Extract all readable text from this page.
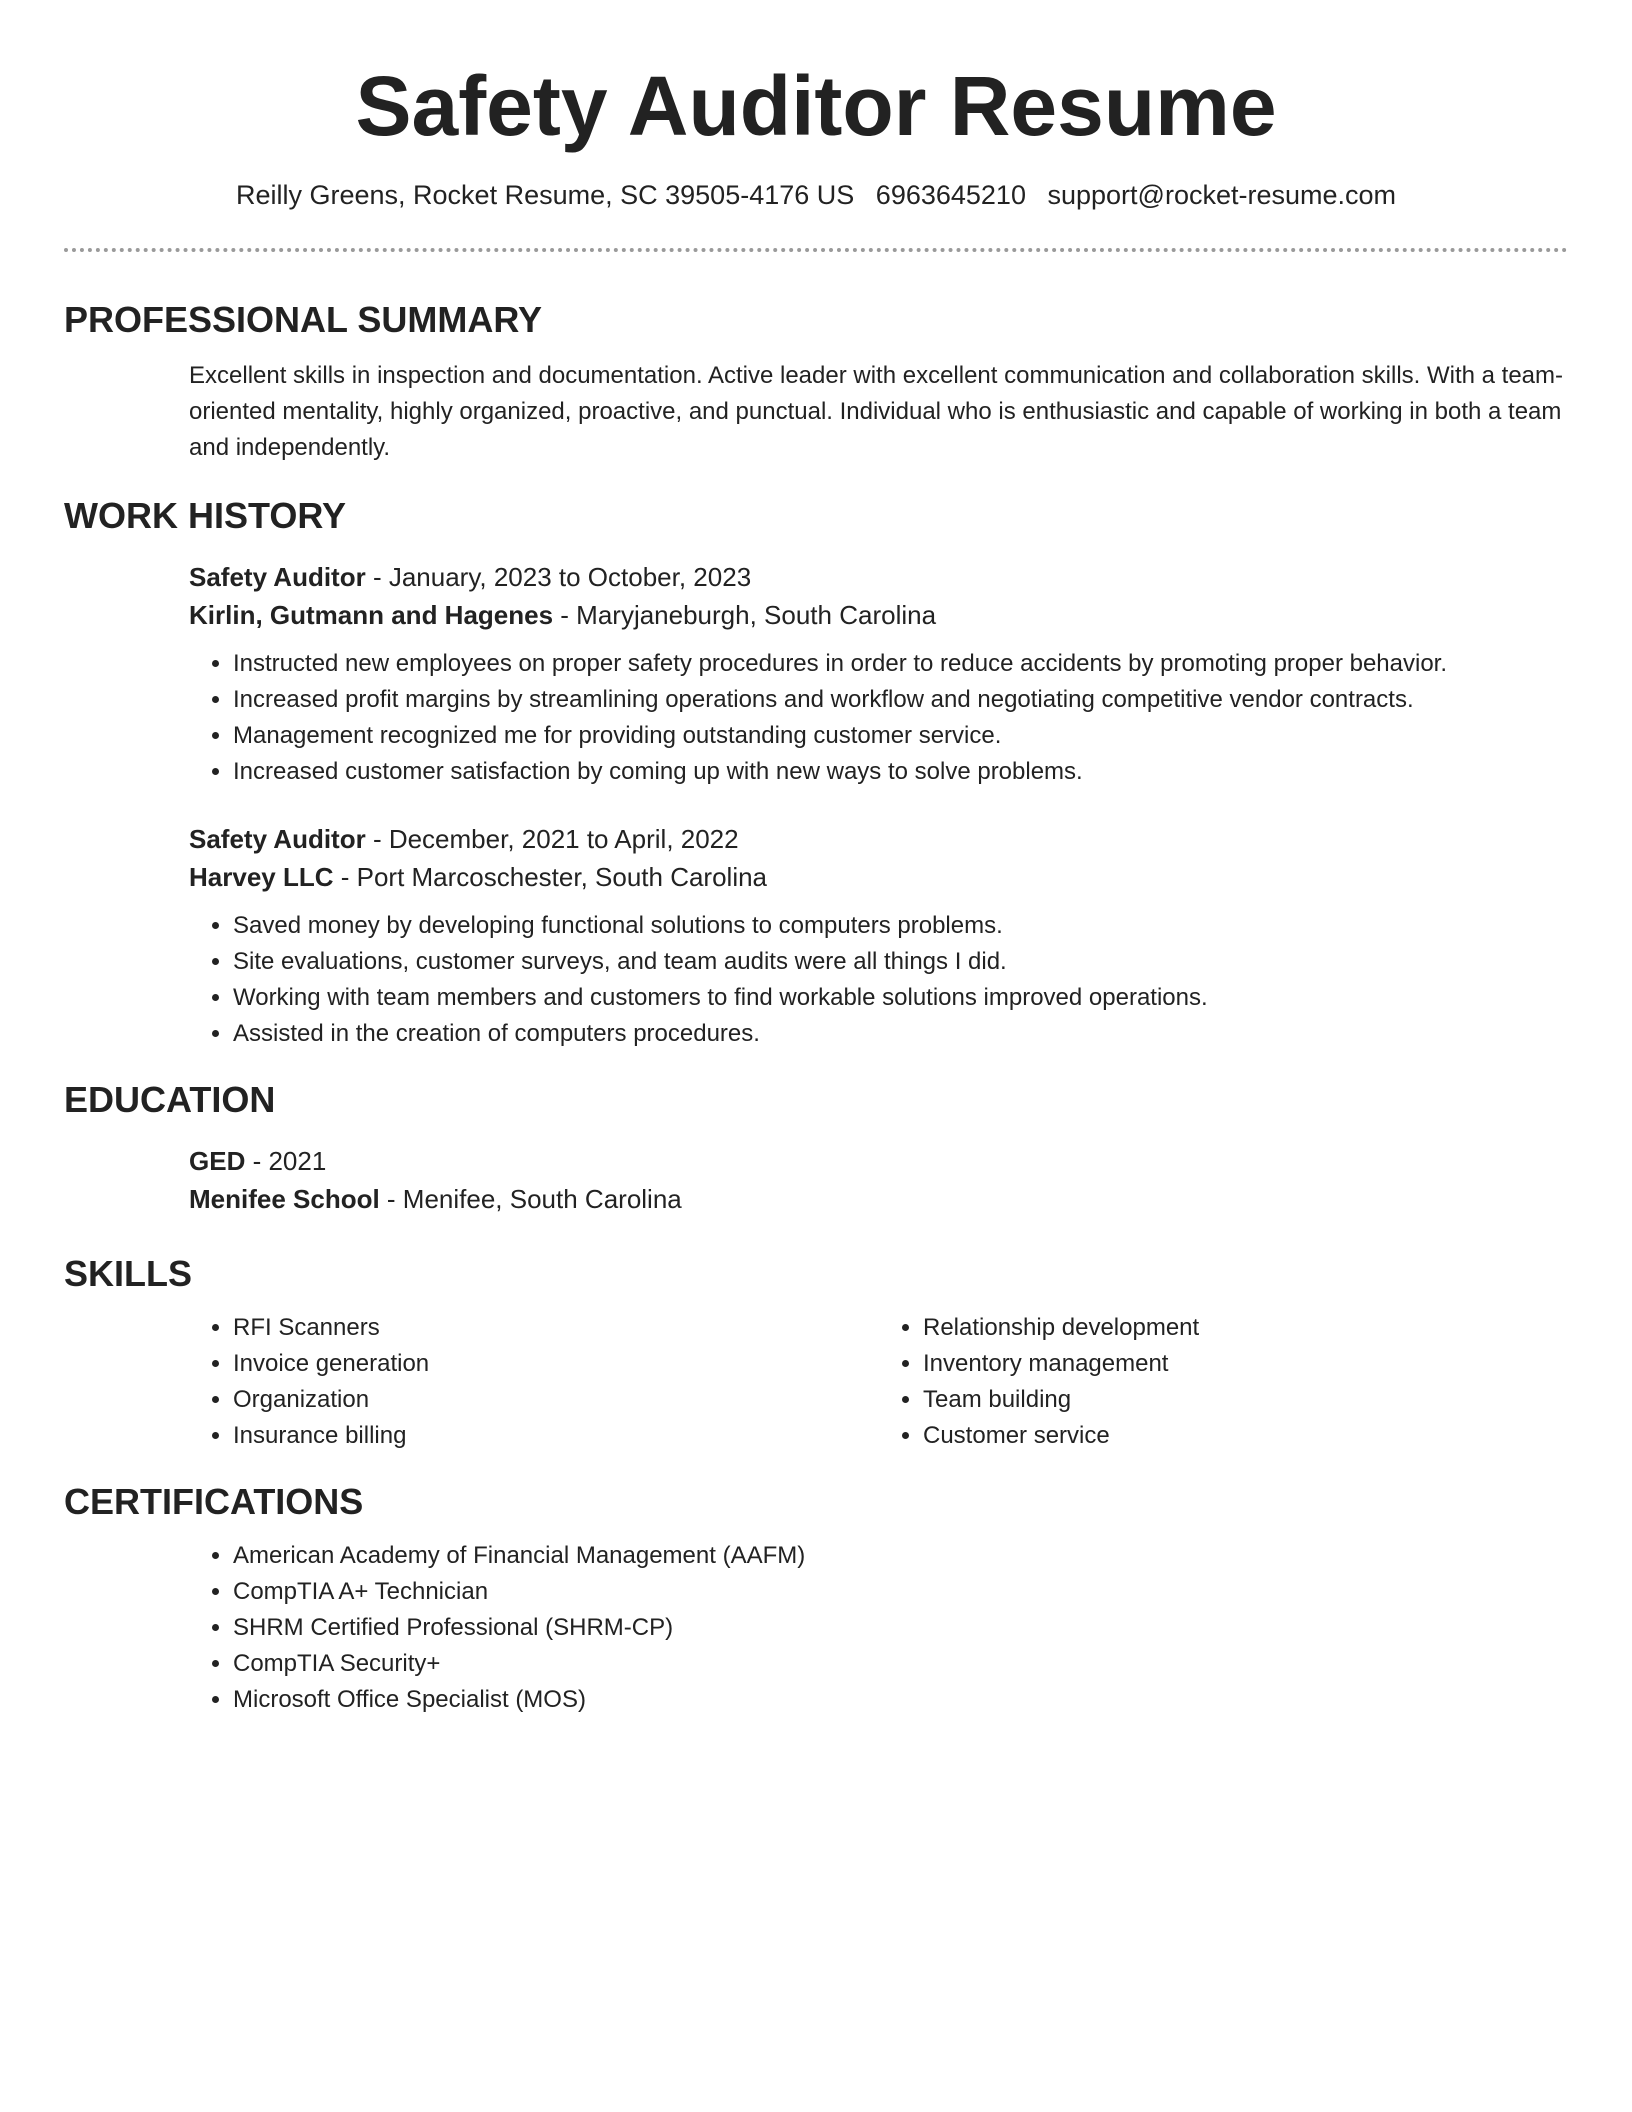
Safety Auditor Resume
Reilly Greens, Rocket Resume, SC 39505-4176 US 6963645210 support@rocket-resume.com
PROFESSIONAL SUMMARY

Excellent skills in inspection and documentation. Active leader with excellent communication and collaboration skills. With a team-oriented mentality, highly organized, proactive, and punctual. Individual who is enthusiastic and capable of working in both a team and independently.

WORK HISTORY

Safety Auditor - January, 2023 to October, 2023

Kirlin, Gutmann and Hagenes - Maryjaneburgh, South Carolina

• Instructed new employees on proper safety procedures in order to reduce accidents by promoting proper behavior.
• Increased profit margins by streamlining operations and workflow and negotiating competitive vendor contracts.
• Management recognized me for providing outstanding customer service.
• Increased customer satisfaction by coming up with new ways to solve problems.

Safety Auditor - December, 2021 to April, 2022

Harvey LLC - Port Marcoschester, South Carolina

• Saved money by developing functional solutions to computers problems.
• Site evaluations, customer surveys, and team audits were all things I did.
• Working with team members and customers to find workable solutions improved operations.
• Assisted in the creation of computers procedures.
EDUCATION

GED - 2021

Menifee School - Menifee, South Carolina

SKILLS
• RFI Scanners
• Invoice generation
• Organization
• Insurance billing
• Relationship development
• Inventory management
• Team building
• Customer service
CERTIFICATIONS
• American Academy of Financial Management (AAFM)
• CompTIA A+ Technician
• SHRM Certified Professional (SHRM-CP)
• CompTIA Security+
• Microsoft Office Specialist (MOS)
